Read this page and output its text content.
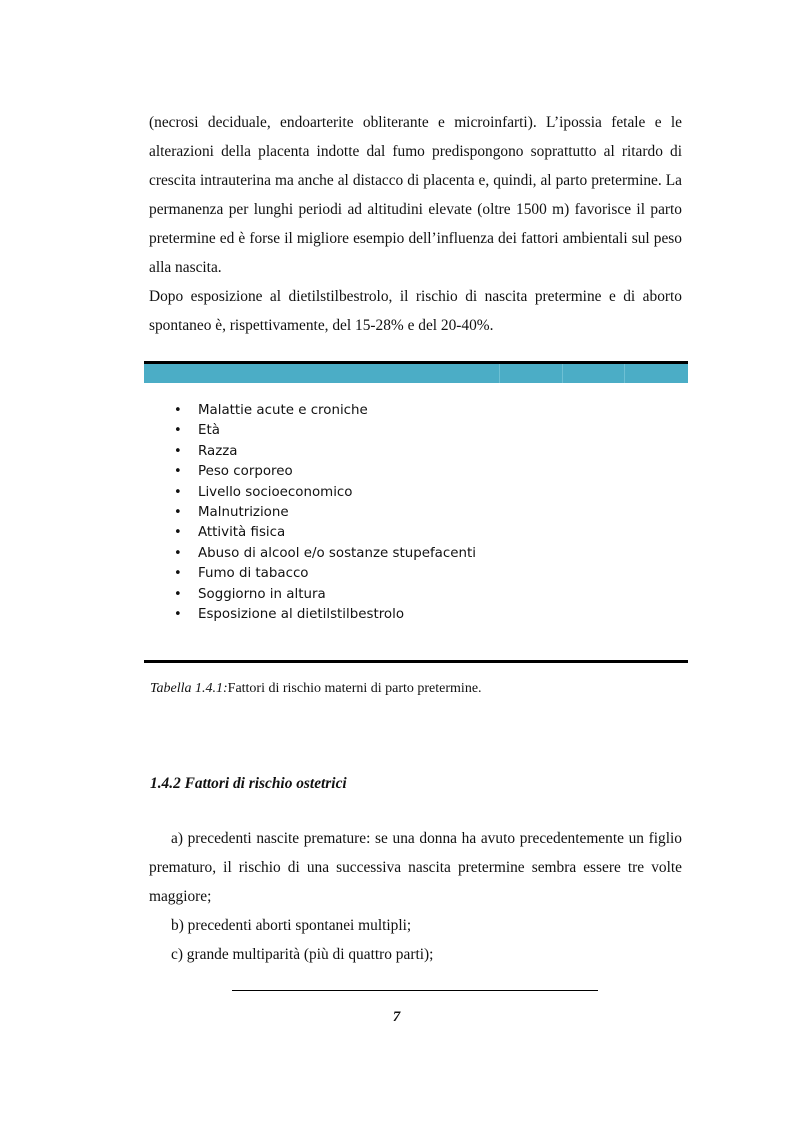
(necrosi deciduale, endoarterite obliterante e microinfarti). L’ipossia fetale e le alterazioni della placenta indotte dal fumo predispongono soprattutto al ritardo di crescita intrauterina ma anche al distacco di placenta e, quindi, al parto pretermine. La permanenza per lunghi periodi ad altitudini elevate (oltre 1500 m) favorisce il parto pretermine ed è forse il migliore esempio dell’influenza dei fattori ambientali sul peso alla nascita.
Dopo esposizione al dietilstilbestrolo, il rischio di nascita pretermine e di aborto spontaneo è, rispettivamente, del 15-28% e del 20-40%.

• Malattie acute e croniche
• Età
• Razza
• Peso corporeo
• Livello socioeconomico
• Malnutrizione
• Attività fisica
• Abuso di alcool e/o sostanze stupefacenti
• Fumo di tabacco
• Soggiorno in altura
• Esposizione al dietilstilbestrolo

Tabella 1.4.1:Fattori di rischio materni di parto pretermine.

1.4.2 Fattori di rischio ostetrici

a) precedenti nascite premature: se una donna ha avuto precedentemente un figlio prematuro, il rischio di una successiva nascita pretermine sembra essere tre volte maggiore;
b) precedenti aborti spontanei multipli;
c) grande multiparità (più di quattro parti);

7
